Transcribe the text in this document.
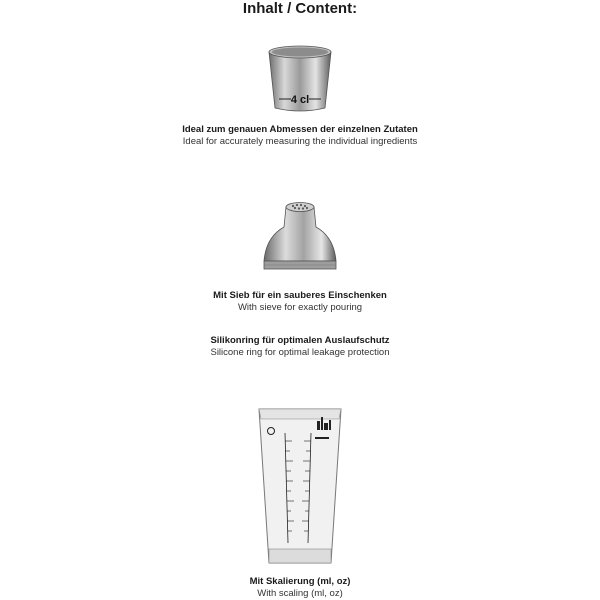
Inhalt / Content:
4 cl
Ideal zum genauen Abmessen der einzelnen Zutaten
Ideal for accurately measuring the individual ingredients
Mit Sieb für ein sauberes Einschenken
With sieve for exactly pouring
Silikonring für optimalen Auslaufschutz
Silicone ring for optimal leakage protection
Mit Skalierung (ml, oz)
With scaling (ml, oz)
